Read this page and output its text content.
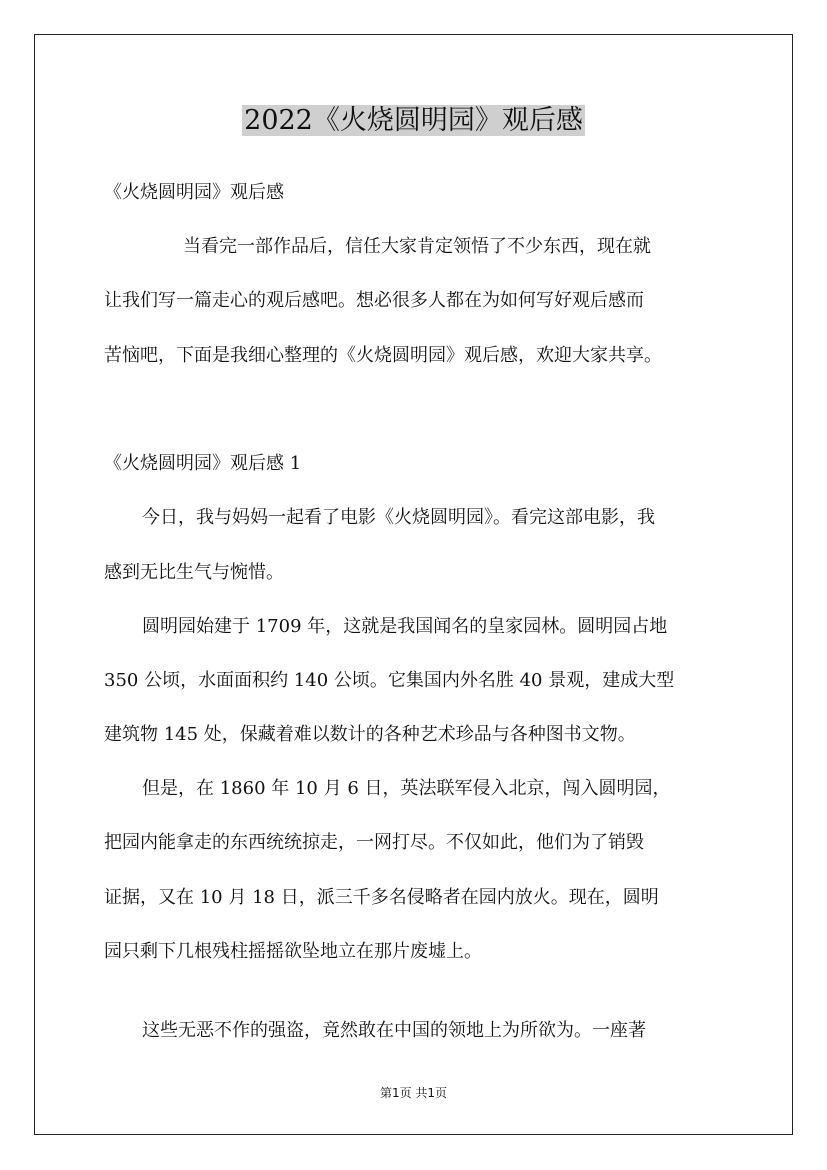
2022《火烧圆明园》观后感
《火烧圆明园》观后感
当看完一部作品后，信任大家肯定领悟了不少东西，现在就
让我们写一篇走心的观后感吧。想必很多人都在为如何写好观后感而
苦恼吧，下面是我细心整理的《火烧圆明园》观后感，欢迎大家共享。
《火烧圆明园》观后感 1
今日，我与妈妈一起看了电影《火烧圆明园》。看完这部电影，我
感到无比生气与惋惜。
圆明园始建于 1709 年，这就是我国闻名的皇家园林。圆明园占地
350 公顷，水面面积约 140 公顷。它集国内外名胜 40 景观，建成大型
建筑物 145 处，保藏着难以数计的各种艺术珍品与各种图书文物。
但是，在 1860 年 10 月 6 日，英法联军侵入北京，闯入圆明园，
把园内能拿走的东西统统掠走，一网打尽。不仅如此，他们为了销毁
证据，又在 10 月 18 日，派三千多名侵略者在园内放火。现在，圆明
园只剩下几根残柱摇摇欲坠地立在那片废墟上。
这些无恶不作的强盗，竟然敢在中国的领地上为所欲为。一座著
第1页 共1页
